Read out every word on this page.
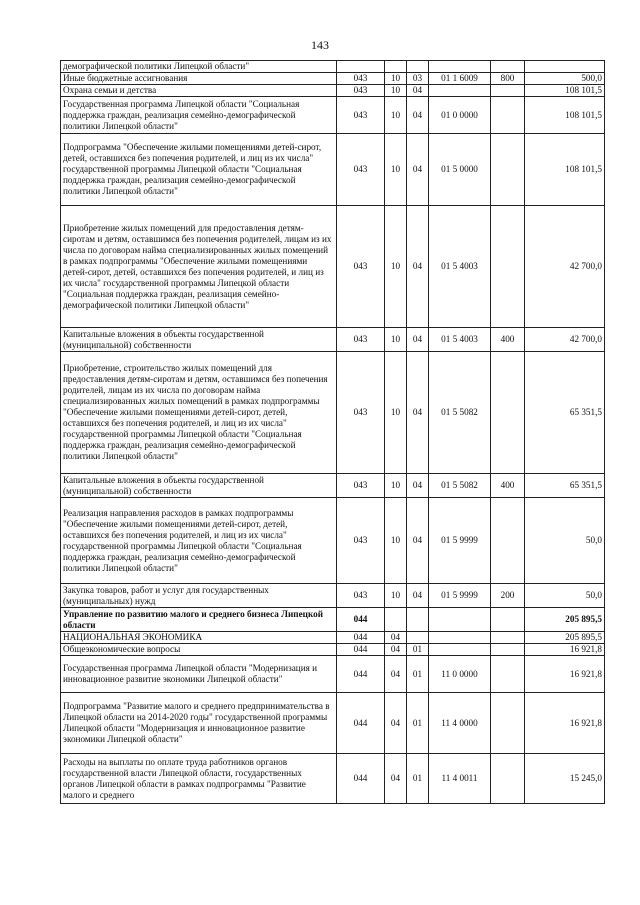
143
демографической политики Липецкой области"						
Иные бюджетные ассигнования	043	10	03	01 1 6009	800	500,0
Охрана семьи и детства	043	10	04			108 101,5
Государственная программа Липецкой области "Социальная поддержка граждан, реализация семейно-демографической политики Липецкой области"	043	10	04	01 0 0000		108 101,5
Подпрограмма "Обеспечение жилыми помещениями детей-сирот, детей, оставшихся без попечения родителей, и лиц из их числа" государственной программы Липецкой области "Социальная поддержка граждан, реализация семейно-демографической политики Липецкой области"	043	10	04	01 5 0000		108 101,5
Приобретение жилых помещений для предоставления детям-сиротам и детям, оставшимся без попечения родителей, лицам из их числа по договорам найма специализированных жилых помещений в рамках подпрограммы "Обеспечение жилыми помещениями детей-сирот, детей, оставшихся без попечения родителей, и лиц из их числа" государственной программы Липецкой области "Социальная поддержка граждан, реализация семейно-демографической политики Липецкой области"	043	10	04	01 5 4003		42 700,0
Капитальные вложения в объекты государственной (муниципальной) собственности	043	10	04	01 5 4003	400	42 700,0
Приобретение, строительство жилых помещений для предоставления детям-сиротам и детям, оставшимся без попечения родителей, лицам из их числа по договорам найма специализированных жилых помещений в рамках подпрограммы "Обеспечение жилыми помещениями детей-сирот, детей, оставшихся без попечения родителей, и лиц из их числа" государственной программы Липецкой области "Социальная поддержка граждан, реализация семейно-демографической политики Липецкой области"	043	10	04	01 5 5082		65 351,5
Капитальные вложения в объекты государственной (муниципальной) собственности	043	10	04	01 5 5082	400	65 351,5
Реализация направления расходов в рамках подпрограммы "Обеспечение жилыми помещениями детей-сирот, детей, оставшихся без попечения родителей, и лиц из их числа" государственной программы Липецкой области "Социальная поддержка граждан, реализация семейно-демографической политики Липецкой области"	043	10	04	01 5 9999		50,0
Закупка товаров, работ и услуг для государственных (муниципальных) нужд	043	10	04	01 5 9999	200	50,0
Управление по развитию малого и среднего бизнеса Липецкой области	044					205 895,5
НАЦИОНАЛЬНАЯ ЭКОНОМИКА	044	04				205 895,5
Общеэкономические вопросы	044	04	01			16 921,8
Государственная программа Липецкой области "Модернизация и инновационное развитие экономики Липецкой области"	044	04	01	11 0 0000		16 921,8
Подпрограмма "Развитие малого и среднего предпринимательства в Липецкой области на 2014-2020 годы" государственной программы Липецкой области "Модернизация и инновационное развитие экономики Липецкой области"	044	04	01	11 4 0000		16 921,8
Расходы на выплаты по оплате труда работников органов государственной власти Липецкой области, государственных органов Липецкой области в рамках подпрограммы "Развитие малого и среднего	044	04	01	11 4 0011		15 245,0
